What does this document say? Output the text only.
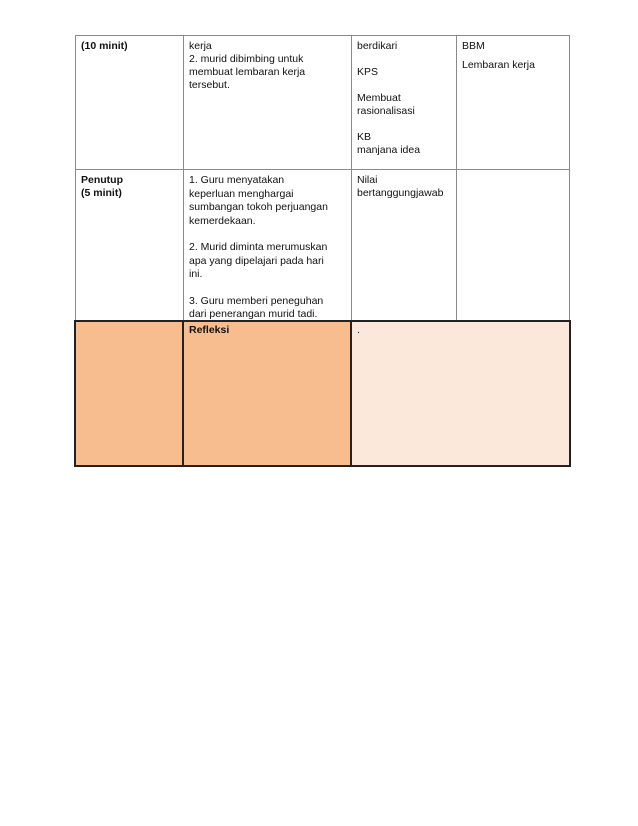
(10 minit)	kerja
2. murid dibimbing untuk
membuat lembaran kerja
tersebut.
berdikari
KPS
Membuat
rasionalisasi
KB
manjana idea
BBM
Lembaran kerja
Penutup
(5 minit)
1. Guru menyatakan
keperluan menghargai
sumbangan tokoh perjuangan
kemerdekaan.
2. Murid diminta merumuskan
apa yang dipelajari pada hari
ini.
3. Guru memberi peneguhan
dari penerangan murid tadi.
Nilai
bertanggungjawab
Refleksi	.
